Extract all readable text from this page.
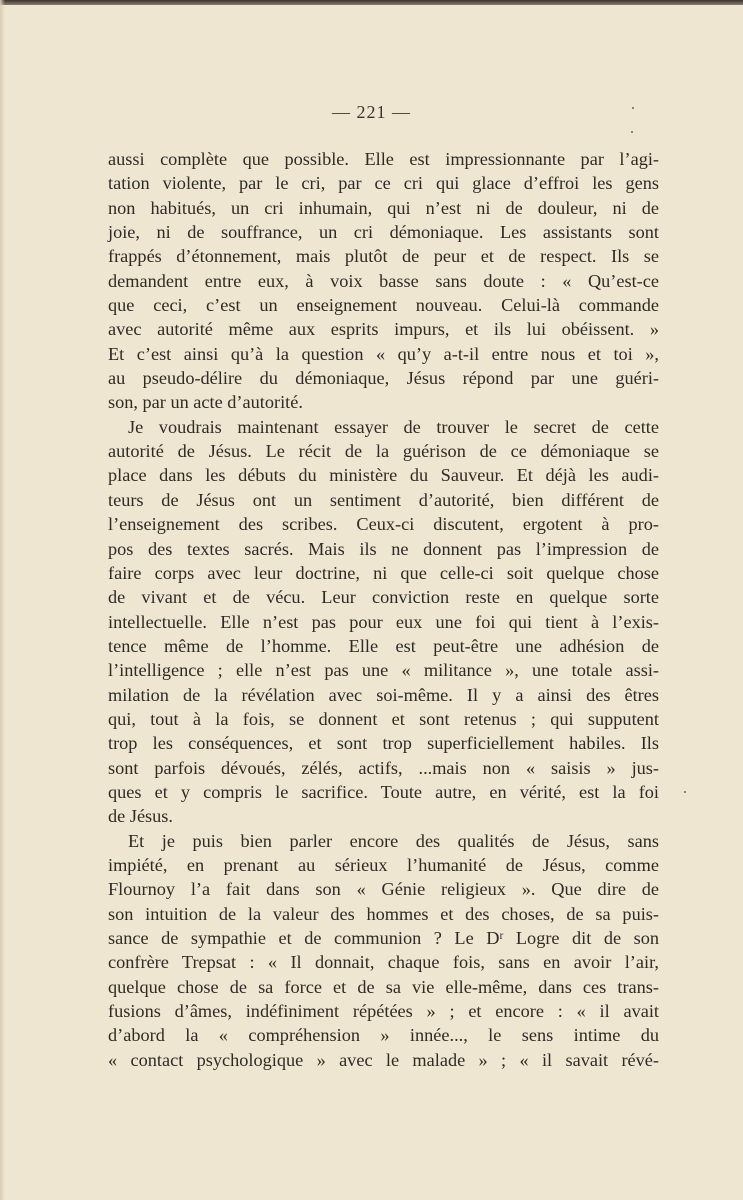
— 221 —
aussi complète que possible. Elle est impressionnante par l’agi-
tation violente, par le cri, par ce cri qui glace d’effroi les gens
non habitués, un cri inhumain, qui n’est ni de douleur, ni de
joie, ni de souffrance, un cri démoniaque. Les assistants sont
frappés d’étonnement, mais plutôt de peur et de respect. Ils se
demandent entre eux, à voix basse sans doute : « Qu’est-ce
que ceci, c’est un enseignement nouveau. Celui-là commande
avec autorité même aux esprits impurs, et ils lui obéissent. »
Et c’est ainsi qu’à la question « qu’y a-t-il entre nous et toi »,
au pseudo-délire du démoniaque, Jésus répond par une guéri-
son, par un acte d’autorité.
Je voudrais maintenant essayer de trouver le secret de cette
autorité de Jésus. Le récit de la guérison de ce démoniaque se
place dans les débuts du ministère du Sauveur. Et déjà les audi-
teurs de Jésus ont un sentiment d’autorité, bien différent de
l’enseignement des scribes. Ceux-ci discutent, ergotent à pro-
pos des textes sacrés. Mais ils ne donnent pas l’impression de
faire corps avec leur doctrine, ni que celle-ci soit quelque chose
de vivant et de vécu. Leur conviction reste en quelque sorte
intellectuelle. Elle n’est pas pour eux une foi qui tient à l’exis-
tence même de l’homme. Elle est peut-être une adhésion de
l’intelligence ; elle n’est pas une « militance », une totale assi-
milation de la révélation avec soi-même. Il y a ainsi des êtres
qui, tout à la fois, se donnent et sont retenus ; qui supputent
trop les conséquences, et sont trop superficiellement habiles. Ils
sont parfois dévoués, zélés, actifs, ...mais non « saisis » jus-
ques et y compris le sacrifice. Toute autre, en vérité, est la foi
de Jésus.
Et je puis bien parler encore des qualités de Jésus, sans
impiété, en prenant au sérieux l’humanité de Jésus, comme
Flournoy l’a fait dans son « Génie religieux ». Que dire de
son intuition de la valeur des hommes et des choses, de sa puis-
sance de sympathie et de communion ? Le Dʳ Logre dit de son
confrère Trepsat : « Il donnait, chaque fois, sans en avoir l’air,
quelque chose de sa force et de sa vie elle-même, dans ces trans-
fusions d’âmes, indéfiniment répétées » ; et encore : « il avait
d’abord la « compréhension » innée..., le sens intime du
« contact psychologique » avec le malade » ; « il savait révé-
